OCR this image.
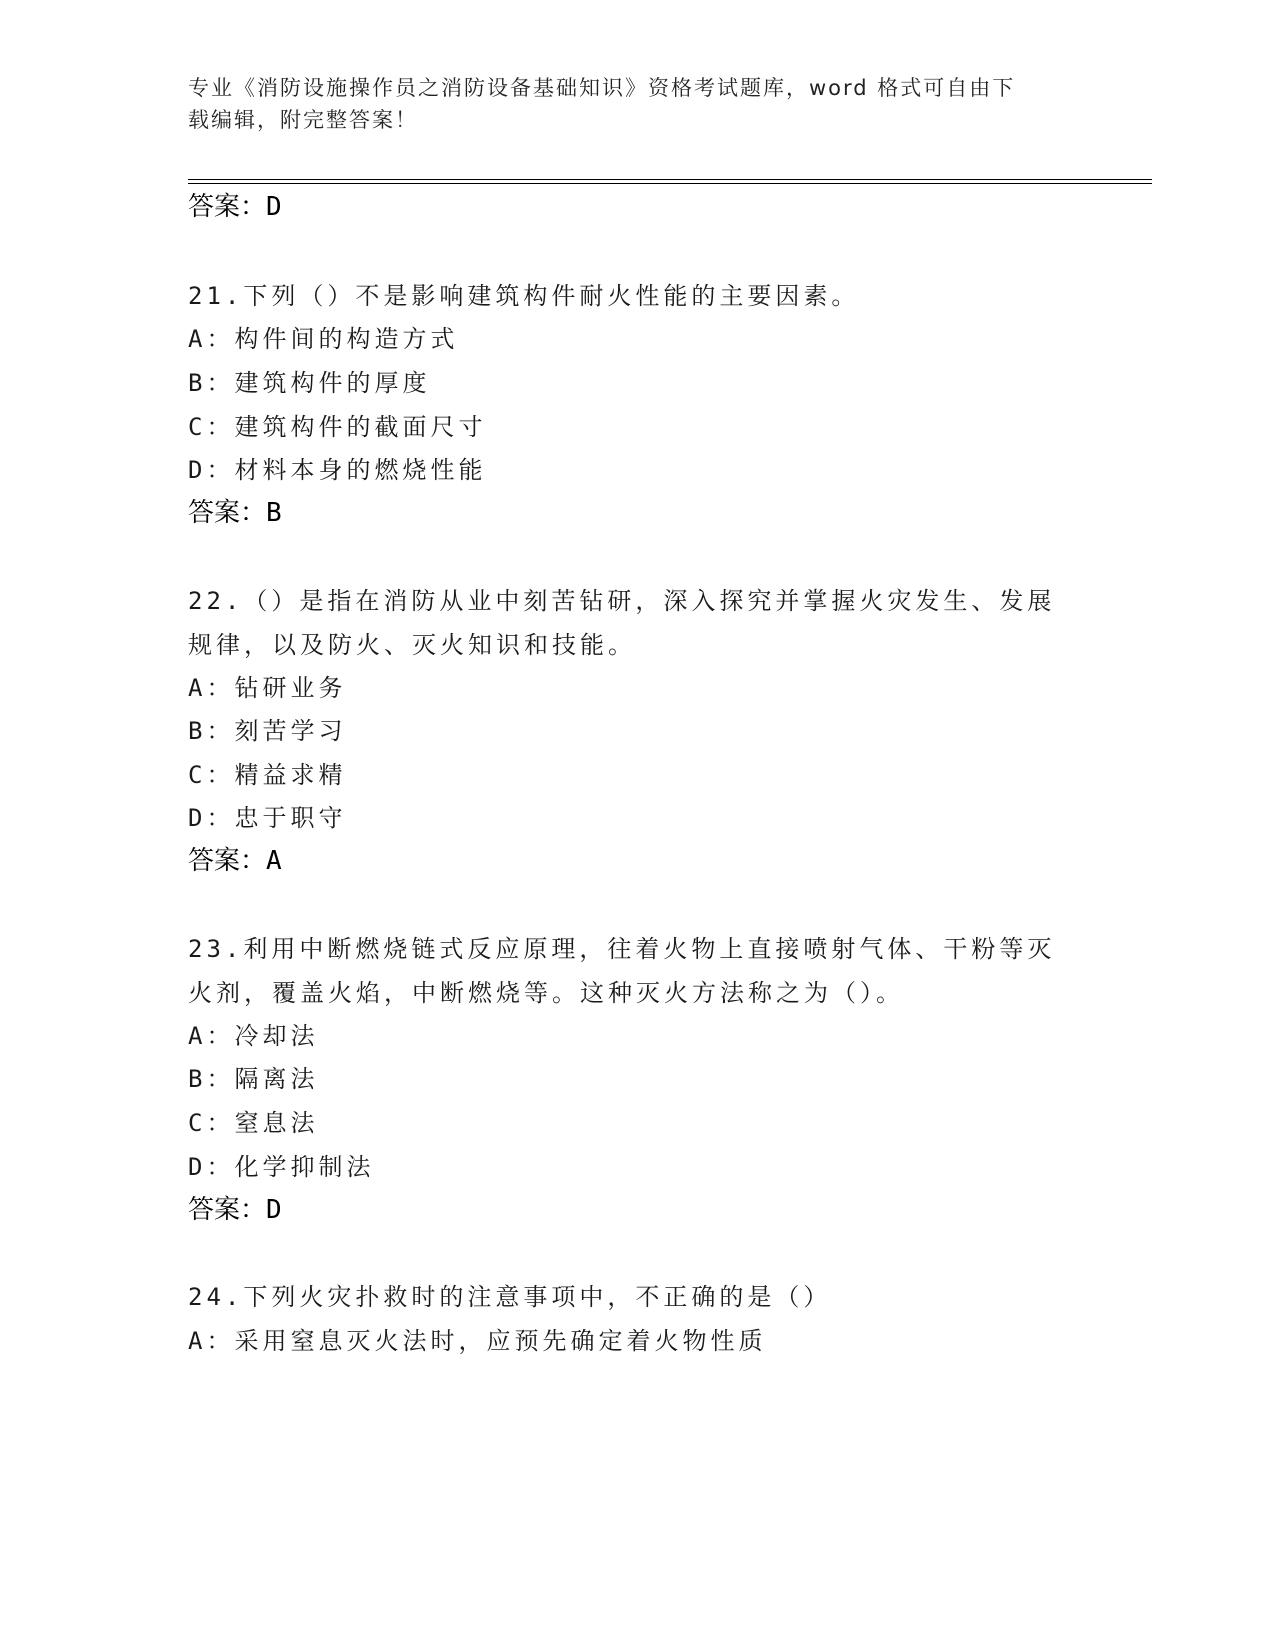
专业《消防设施操作员之消防设备基础知识》资格考试题库，word 格式可自由下
载编辑，附完整答案！
答案：D
21.下列（）不是影响建筑构件耐火性能的主要因素。
A：构件间的构造方式
B：建筑构件的厚度
C：建筑构件的截面尺寸
D：材料本身的燃烧性能
答案：B
22.（）是指在消防从业中刻苦钻研，深入探究并掌握火灾发生、发展
规律，以及防火、灭火知识和技能。
A：钻研业务
B：刻苦学习
C：精益求精
D：忠于职守
答案：A
23.利用中断燃烧链式反应原理，往着火物上直接喷射气体、干粉等灭
火剂，覆盖火焰，中断燃烧等。这种灭火方法称之为（）。
A：冷却法
B：隔离法
C：窒息法
D：化学抑制法
答案：D
24.下列火灾扑救时的注意事项中，不正确的是（）
A：采用窒息灭火法时，应预先确定着火物性质
